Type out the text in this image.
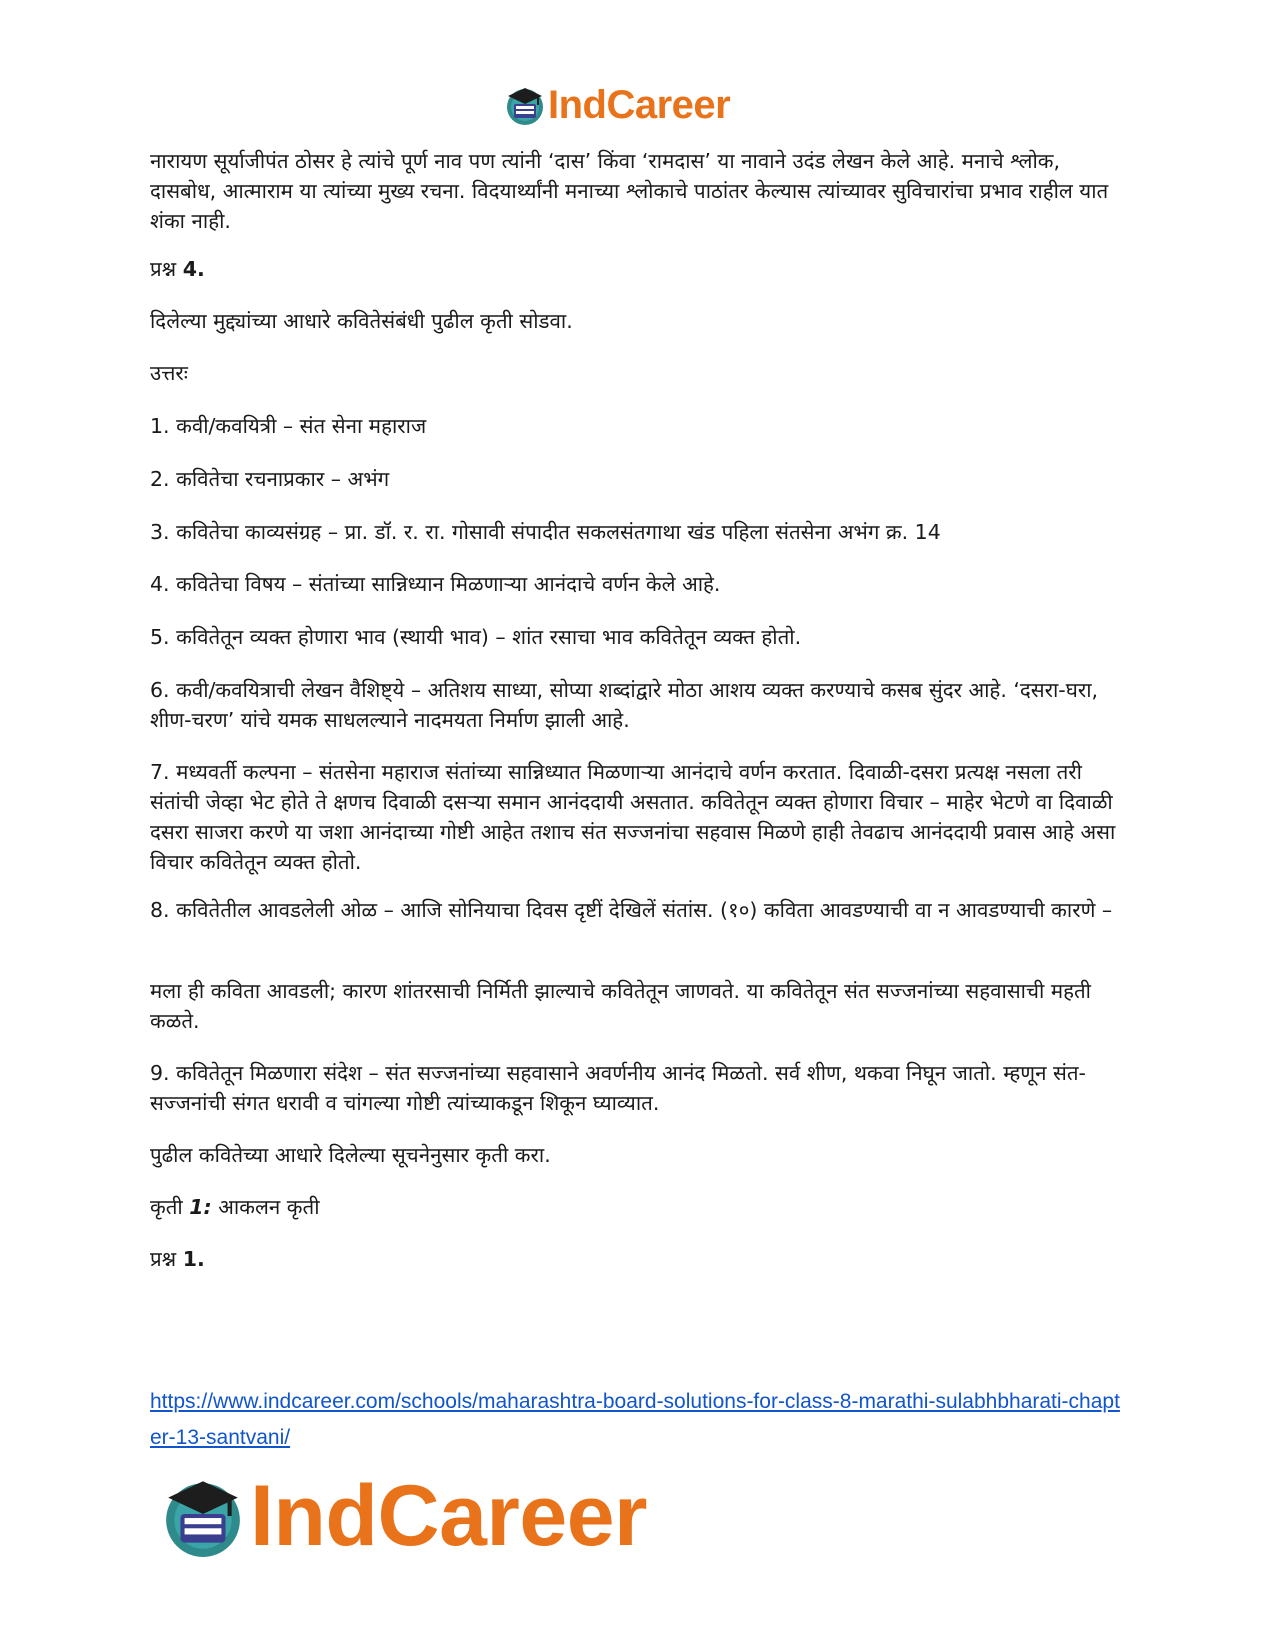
IndCareer

नारायण सूर्याजीपंत ठोसर हे त्यांचे पूर्ण नाव पण त्यांनी ‘दास’ किंवा ‘रामदास’ या नावाने उदंड लेखन केले आहे. मनाचे श्लोक, दासबोध, आत्माराम या त्यांच्या मुख्य रचना. विदयार्थ्यांनी मनाच्या श्लोकाचे पाठांतर केल्यास त्यांच्यावर सुविचारांचा प्रभाव राहील यात शंका नाही.

प्रश्न 4.

दिलेल्या मुद्द्यांच्या आधारे कवितेसंबंधी पुढील कृती सोडवा.

उत्तरः

1. कवी/कवयित्री – संत सेना महाराज

2. कवितेचा रचनाप्रकार – अभंग

3. कवितेचा काव्यसंग्रह – प्रा. डॉ. र. रा. गोसावी संपादीत सकलसंतगाथा खंड पहिला संतसेना अभंग क्र. 14

4. कवितेचा विषय – संतांच्या सान्निध्यान मिळणाऱ्या आनंदाचे वर्णन केले आहे.

5. कवितेतून व्यक्त होणारा भाव (स्थायी भाव) – शांत रसाचा भाव कवितेतून व्यक्त होतो.

6. कवी/कवयित्राची लेखन वैशिष्ट्ये – अतिशय साध्या, सोप्या शब्दांद्वारे मोठा आशय व्यक्त करण्याचे कसब सुंदर आहे. ‘दसरा-घरा, शीण-चरण’ यांचे यमक साधलल्याने नादमयता निर्माण झाली आहे.

7. मध्यवर्ती कल्पना – संतसेना महाराज संतांच्या सान्निध्यात मिळणाऱ्या आनंदाचे वर्णन करतात. दिवाळी-दसरा प्रत्यक्ष नसला तरी संतांची जेव्हा भेट होते ते क्षणच दिवाळी दसऱ्या समान आनंददायी असतात. कवितेतून व्यक्त होणारा विचार – माहेर भेटणे वा दिवाळी दसरा साजरा करणे या जशा आनंदाच्या गोष्टी आहेत तशाच संत सज्जनांचा सहवास मिळणे हाही तेवढाच आनंददायी प्रवास आहे असा विचार कवितेतून व्यक्त होतो.

8. कवितेतील आवडलेली ओळ – आजि सोनियाचा दिवस दृष्टीं देखिलें संतांस. (१०) कविता आवडण्याची वा न आवडण्याची कारणे –

मला ही कविता आवडली; कारण शांतरसाची निर्मिती झाल्याचे कवितेतून जाणवते. या कवितेतून संत सज्जनांच्या सहवासाची महती कळते.

9. कवितेतून मिळणारा संदेश – संत सज्जनांच्या सहवासाने अवर्णनीय आनंद मिळतो. सर्व शीण, थकवा निघून जातो. म्हणून संत-सज्जनांची संगत धरावी व चांगल्या गोष्टी त्यांच्याकडून शिकून घ्याव्यात.

पुढील कवितेच्या आधारे दिलेल्या सूचनेनुसार कृती करा.

कृती 1: आकलन कृती

प्रश्न 1.

https://www.indcareer.com/schools/maharashtra-board-solutions-for-class-8-marathi-sulabhbharati-chapter-13-santvani/
IndCareer
